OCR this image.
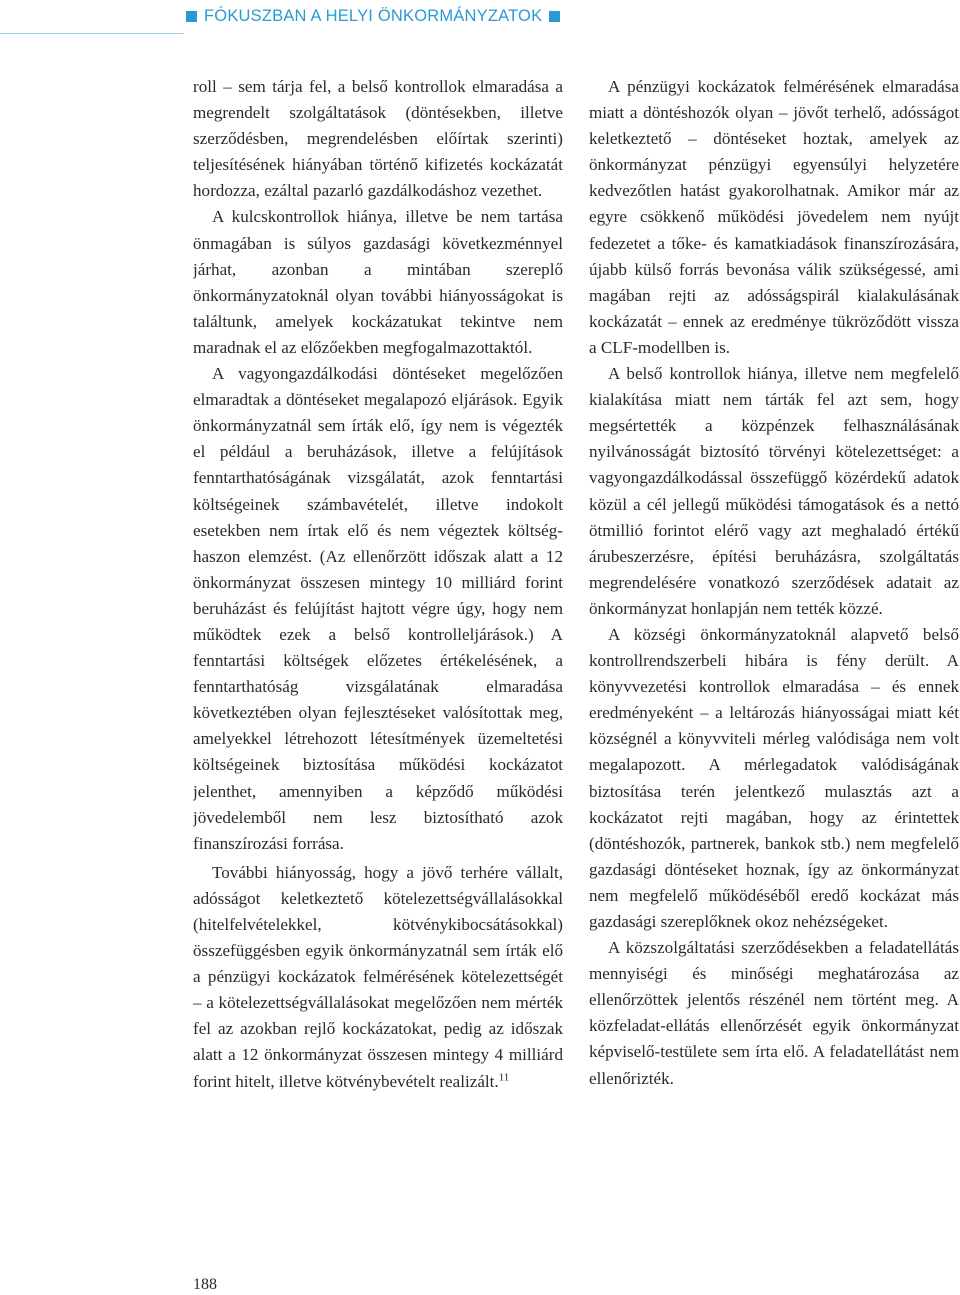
FÓKUSZBAN A HELYI ÖNKORMÁNYZATOK

roll – sem tárja fel, a belső kontrollok elmaradása a megrendelt szolgáltatások (döntésekben, illetve szerződésben, megrendelésben előírtak szerinti) teljesítésének hiányában történő kifizetés kockázatát hordozza, ezáltal pazarló gazdálkodáshoz vezethet.

A kulcskontrollok hiánya, illetve be nem tartása önmagában is súlyos gazdasági következménnyel járhat, azonban a mintában szereplő önkormányzatoknál olyan további hiányosságokat is találtunk, amelyek kockázatukat tekintve nem maradnak el az előzőekben megfogalmazottaktól.

A vagyongazdálkodási döntéseket megelőzően elmaradtak a döntéseket megalapozó eljárások. Egyik önkormányzatnál sem írták elő, így nem is végezték el például a beruházások, illetve a felújítások fenntarthatóságának vizsgálatát, azok fenntartási költségeinek számbavételét, illetve indokolt esetekben nem írtak elő és nem végeztek költség-haszon elemzést. (Az ellenőrzött időszak alatt a 12 önkormányzat összesen mintegy 10 milliárd forint beruházást és felújítást hajtott végre úgy, hogy nem működtek ezek a belső kontrolleljárások.) A fenntartási költségek előzetes értékelésének, a fenntarthatóság vizsgálatának elmaradása következtében olyan fejlesztéseket valósítottak meg, amelyekkel létrehozott létesítmények üzemeltetési költségeinek biztosítása működési kockázatot jelenthet, amennyiben a képződő működési jövedelemből nem lesz biztosítható azok finanszírozási forrása.

További hiányosság, hogy a jövő terhére vállalt, adósságot keletkeztető kötelezettségvállalásokkal (hitelfelvételekkel, kötvénykibocsátásokkal) összefüggésben egyik önkormányzatnál sem írták elő a pénzügyi kockázatok felmérésének kötelezettségét – a kötelezettségvállalásokat megelőzően nem mérték fel az azokban rejlő kockázatokat, pedig az időszak alatt a 12 önkormányzat összesen mintegy 4 milliárd forint hitelt, illetve kötvénybevételt realizált.$^{11}$

A pénzügyi kockázatok felmérésének elmaradása miatt a döntéshozók olyan – jövőt terhelő, adósságot keletkeztető – döntéseket hoztak, amelyek az önkormányzat pénzügyi egyensúlyi helyzetére kedvezőtlen hatást gyakorolhatnak. Amikor már az egyre csökkenő működési jövedelem nem nyújt fedezetet a tőke- és kamatkiadások finanszírozására, újabb külső forrás bevonása válik szükségessé, ami magában rejti az adósságspirál kialakulásának kockázatát – ennek az eredménye tükröződött vissza a CLF-modellben is.

A belső kontrollok hiánya, illetve nem megfelelő kialakítása miatt nem tárták fel azt sem, hogy megsértették a közpénzek felhasználásának nyilvánosságát biztosító törvényi kötelezettséget: a vagyongazdálkodással összefüggő közérdekű adatok közül a cél jellegű működési támogatások és a nettó ötmillió forintot elérő vagy azt meghaladó értékű árubeszerzésre, építési beruházásra, szolgáltatás megrendelésére vonatkozó szerződések adatait az önkormányzat honlapján nem tették közzé.

A községi önkormányzatoknál alapvető belső kontrollrendszerbeli hibára is fény derült. A könyvvezetési kontrollok elmaradása – és ennek eredményeként – a leltározás hiányosságai miatt két községnél a könyvviteli mérleg valódisága nem volt megalapozott. A mérlegadatok valódiságának biztosítása terén jelentkező mulasztás azt a kockázatot rejti magában, hogy az érintettek (döntéshozók, partnerek, bankok stb.) nem megfelelő gazdasági döntéseket hoznak, így az önkormányzat nem megfelelő működéséből eredő kockázat más gazdasági szereplőknek okoz nehézségeket.

A közszolgáltatási szerződésekben a feladatellátás mennyiségi és minőségi meghatározása az ellenőrzöttek jelentős részénél nem történt meg. A közfeladat-ellátás ellenőrzését egyik önkormányzat képviselő-testülete sem írta elő. A feladatellátást nem ellenőrizték.

188
